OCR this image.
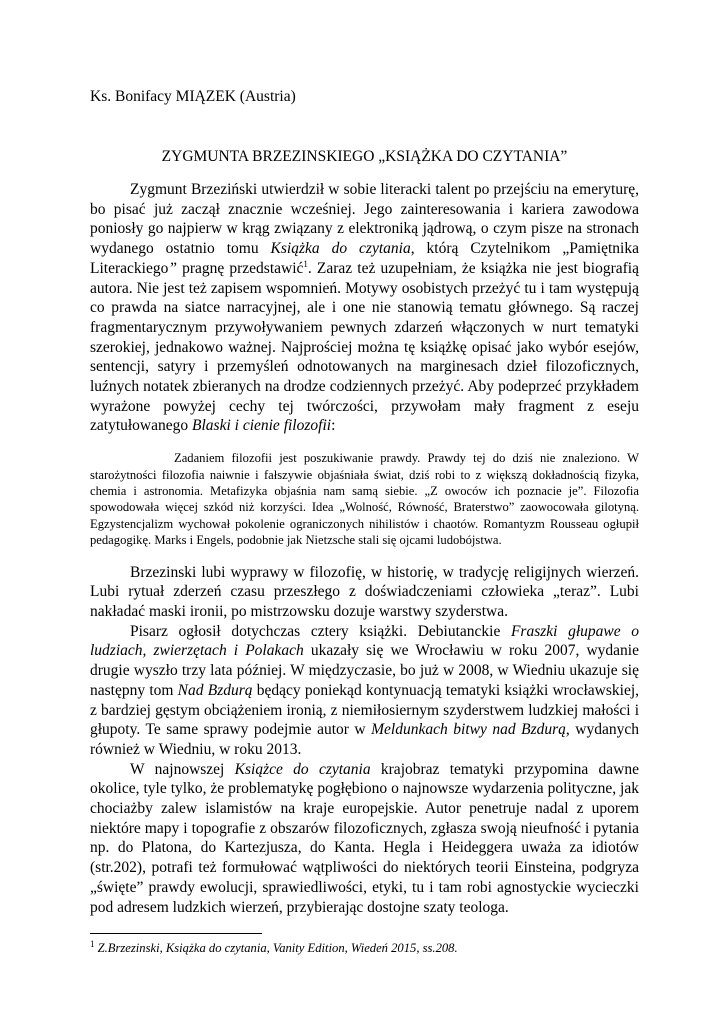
Ks. Bonifacy MIĄZEK (Austria)
ZYGMUNTA BRZEZINSKIEGO „KSIĄŻKA DO CZYTANIA”

Zygmunt Brzeziński utwierdził w sobie literacki talent po przejściu na emeryturę, bo pisać już zaczął znacznie wcześniej. Jego zainteresowania i kariera zawodowa poniosły go najpierw w krąg związany z elektroniką jądrową, o czym pisze na stronach wydanego ostatnio tomu Książka do czytania, którą Czytelnikom „Pamiętnika Literackiego” pragnę przedstawić$^1$. Zaraz też uzupełniam, że książka nie jest biografią autora. Nie jest też zapisem wspomnień. Motywy osobistych przeżyć tu i tam występują co prawda na siatce narracyjnej, ale i one nie stanowią tematu głównego. Są raczej fragmentarycznym przywoływaniem pewnych zdarzeń włączonych w nurt tematyki szerokiej, jednakowo ważnej. Najprościej można tę książkę opisać jako wybór esejów, sentencji, satyry i przemyśleń odnotowanych na marginesach dzieł filozoficznych, luźnych notatek zbieranych na drodze codziennych przeżyć. Aby podeprzeć przykładem wyrażone powyżej cechy tej twórczości, przywołam mały fragment z eseju zatytułowanego Blaski i cienie filozofii:

Zadaniem filozofii jest poszukiwanie prawdy. Prawdy tej do dziś nie znaleziono. W starożytności filozofia naiwnie i fałszywie objaśniała świat, dziś robi to z większą dokładnością fizyka, chemia i astronomia. Metafizyka objaśnia nam samą siebie. „Z owoców ich poznacie je”. Filozofia spowodowała więcej szkód niż korzyści. Idea „Wolność, Równość, Braterstwo” zaowocowała gilotyną. Egzystencjalizm wychował pokolenie ograniczonych nihilistów i chaotów. Romantyzm Rousseau ogłupił pedagogikę. Marks i Engels, podobnie jak Nietzsche stali się ojcami ludobójstwa.

Brzezinski lubi wyprawy w filozofię, w historię, w tradycję religijnych wierzeń. Lubi rytuał zderzeń czasu przeszłego z doświadczeniami człowieka „teraz”. Lubi nakładać maski ironii, po mistrzowsku dozuje warstwy szyderstwa.

Pisarz ogłosił dotychczas cztery książki. Debiutanckie Fraszki głupawe o ludziach, zwierzętach i Polakach ukazały się we Wrocławiu w roku 2007, wydanie drugie wyszło trzy lata później. W międzyczasie, bo już w 2008, w Wiedniu ukazuje się następny tom Nad Bzdurą będący poniekąd kontynuacją tematyki książki wrocławskiej, z bardziej gęstym obciążeniem ironią, z niemiłosiernym szyderstwem ludzkiej małości i głupoty. Te same sprawy podejmie autor w Meldunkach bitwy nad Bzdurą, wydanych również w Wiedniu, w roku 2013.

W najnowszej Książce do czytania krajobraz tematyki przypomina dawne okolice, tyle tylko, że problematykę pogłębiono o najnowsze wydarzenia polityczne, jak chociażby zalew islamistów na kraje europejskie. Autor penetruje nadal z uporem niektóre mapy i topografie z obszarów filozoficznych, zgłasza swoją nieufność i pytania np. do Platona, do Kartezjusza, do Kanta. Hegla i Heideggera uważa za idiotów (str.202), potrafi też formułować wątpliwości do niektórych teorii Einsteina, podgryza „święte” prawdy ewolucji, sprawiedliwości, etyki, tu i tam robi agnostyckie wycieczki pod adresem ludzkich wierzeń, przybierając dostojne szaty teologa.

$^1$ Z.Brzezinski, Książka do czytania, Vanity Edition, Wiedeń 2015, ss.208.
